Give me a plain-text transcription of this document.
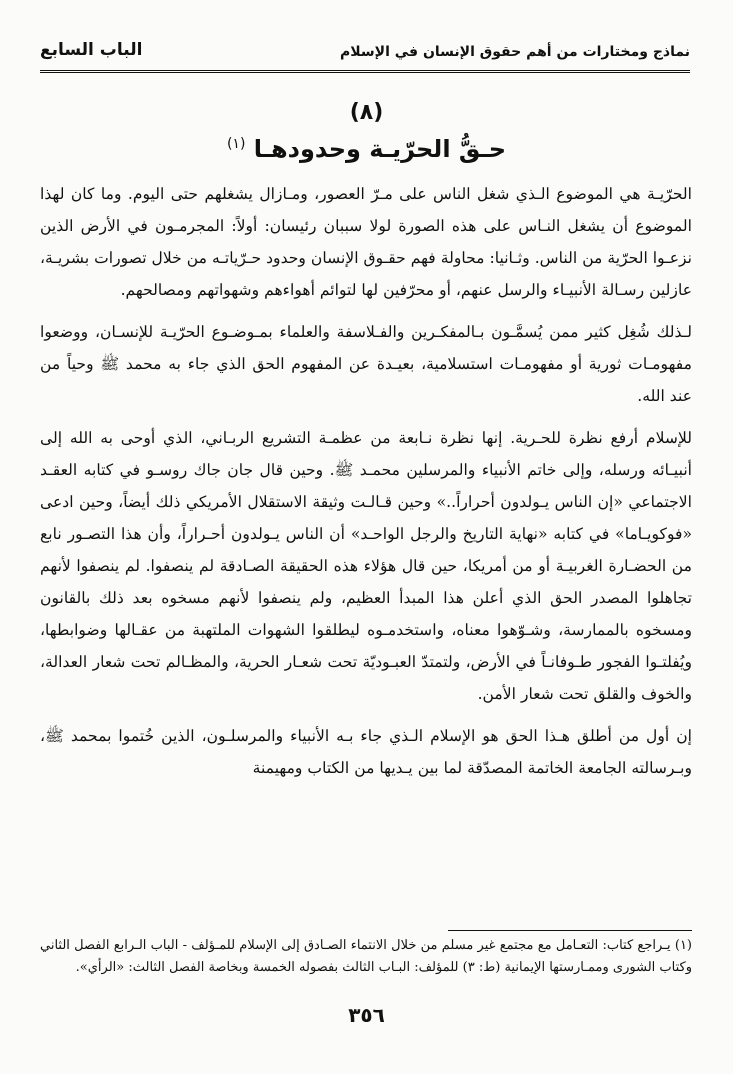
نماذج ومختارات من أهم حقوق الإنسان في الإسلام
الباب السابع
(٨)
حـقُّ الحرّيـة وحدودهـا $^{(١)}$

الحرّيـة هي الموضوع الـذي شغل الناس على مـرّ العصور، ومـازال يشغلهم حتى اليوم. وما كان لهذا الموضوع أن يشغل النـاس على هذه الصورة لولا سببان رئيسان: أولاً: المجرمـون في الأرض الذين نزعـوا الحرّية من الناس. وثـانيا: محاولة فهم حقـوق الإنسان وحدود حـرّياتـه من خلال تصورات بشريـة، عازلين رسـالة الأنبيـاء والرسل عنهم، أو محرّفين لها لتوائم أهواءهم وشهواتهم ومصالحهم.

لـذلك شُغِل كثير ممن يُسمَّـون بـالمفكـرين والفـلاسفة والعلماء بمـوضـوع الحرّيـة للإنسـان، ووضعوا مفهومـات ثورية أو مفهومـات استسلامية، بعيـدة عن المفهوم الحق الذي جاء به محمد ﷺ وحياً من عند الله.

للإسلام أرفع نظرة للحـرية. إنها نظرة نـابعة من عظمـة التشريع الربـاني، الذي أوحى به الله إلى أنبيـائه ورسله، وإلى خاتم الأنبياء والمرسلين محمـد ﷺ. وحين قال جان جاك روسـو في كتابه العقـد الاجتماعي «إن الناس يـولدون أحراراً..» وحين قـالـت وثيقة الاستقلال الأمريكي ذلك أيضاً، وحين ادعى «فوكويـاما» في كتابه «نهاية التاريخ والرجل الواحـد» أن الناس يـولدون أحـراراً، وأن هذا التصـور نابع من الحضـارة الغربيـة أو من أمريكا، حين قال هؤلاء هذه الحقيقة الصـادقة لم ينصفوا. لم ينصفوا لأنهم تجاهلوا المصدر الحق الذي أعلن هذا المبدأ العظيم، ولم ينصفوا لأنهم مسخوه بعد ذلك بالقانون ومسخوه بالممارسة، وشـوّهوا معناه، واستخدمـوه ليطلقوا الشهوات الملتهبة من عقـالها وضوابطها، ويُفلتـوا الفجور طـوفانـاً في الأرض، ولتمتدّ العبـوديّة تحت شعـار الحرية، والمظـالم تحت شعار العدالة، والخوف والقلق تحت شعار الأمن.

إن أول من أطلق هـذا الحق هو الإسلام الـذي جاء بـه الأنبياء والمرسلـون، الذين خُتموا بمحمد ﷺ، وبـرسالته الجامعة الخاتمة المصدّقة لما بين يـديها من الكتاب ومهيمنة

(١) يـراجع كتاب: التعـامل مع مجتمع غير مسلم من خلال الانتماء الصـادق إلى الإسلام للمـؤلف - الباب الـرابع الفصل الثاني وكتاب الشورى وممـارستها الإيمانية (ط: ٣) للمؤلف: البـاب الثالث بفصوله الخمسة وبخاصة الفصل الثالث: «الرأي».
٣٥٦
